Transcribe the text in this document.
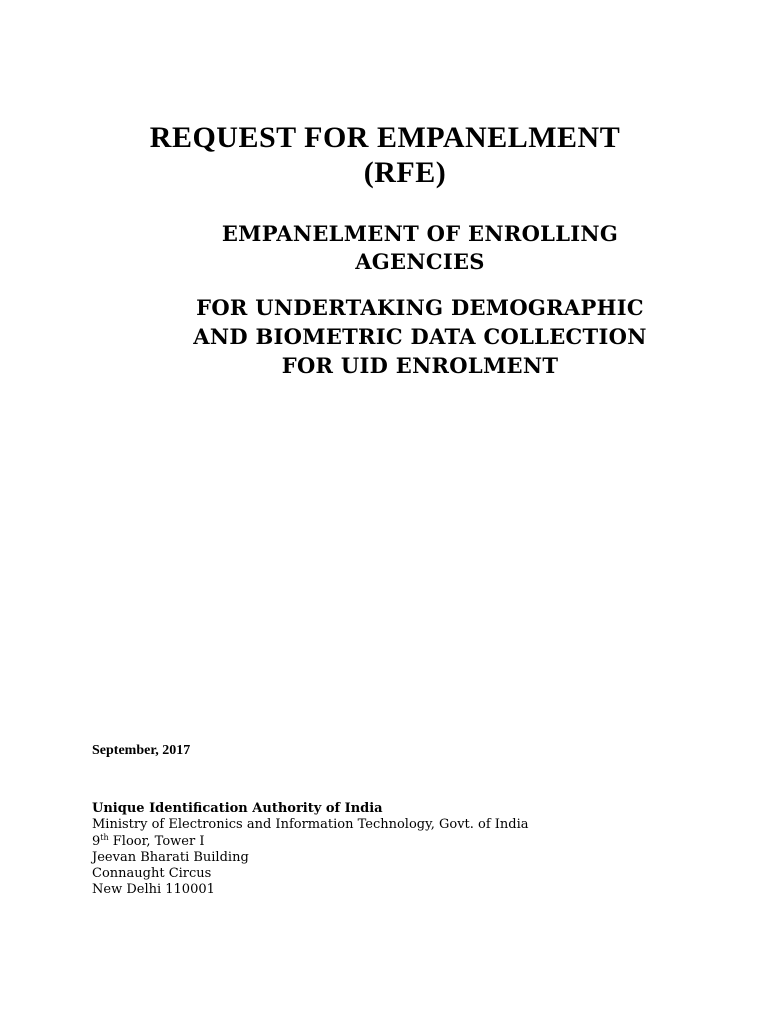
REQUEST FOR EMPANELMENT
(RFE)
EMPANELMENT OF ENROLLING
AGENCIES
FOR UNDERTAKING DEMOGRAPHIC
AND BIOMETRIC DATA COLLECTION
FOR UID ENROLMENT

September, 2017

Unique Identification Authority of India
Ministry of Electronics and Information Technology, Govt. of India
9th Floor, Tower I
Jeevan Bharati Building
Connaught Circus
New Delhi 110001
